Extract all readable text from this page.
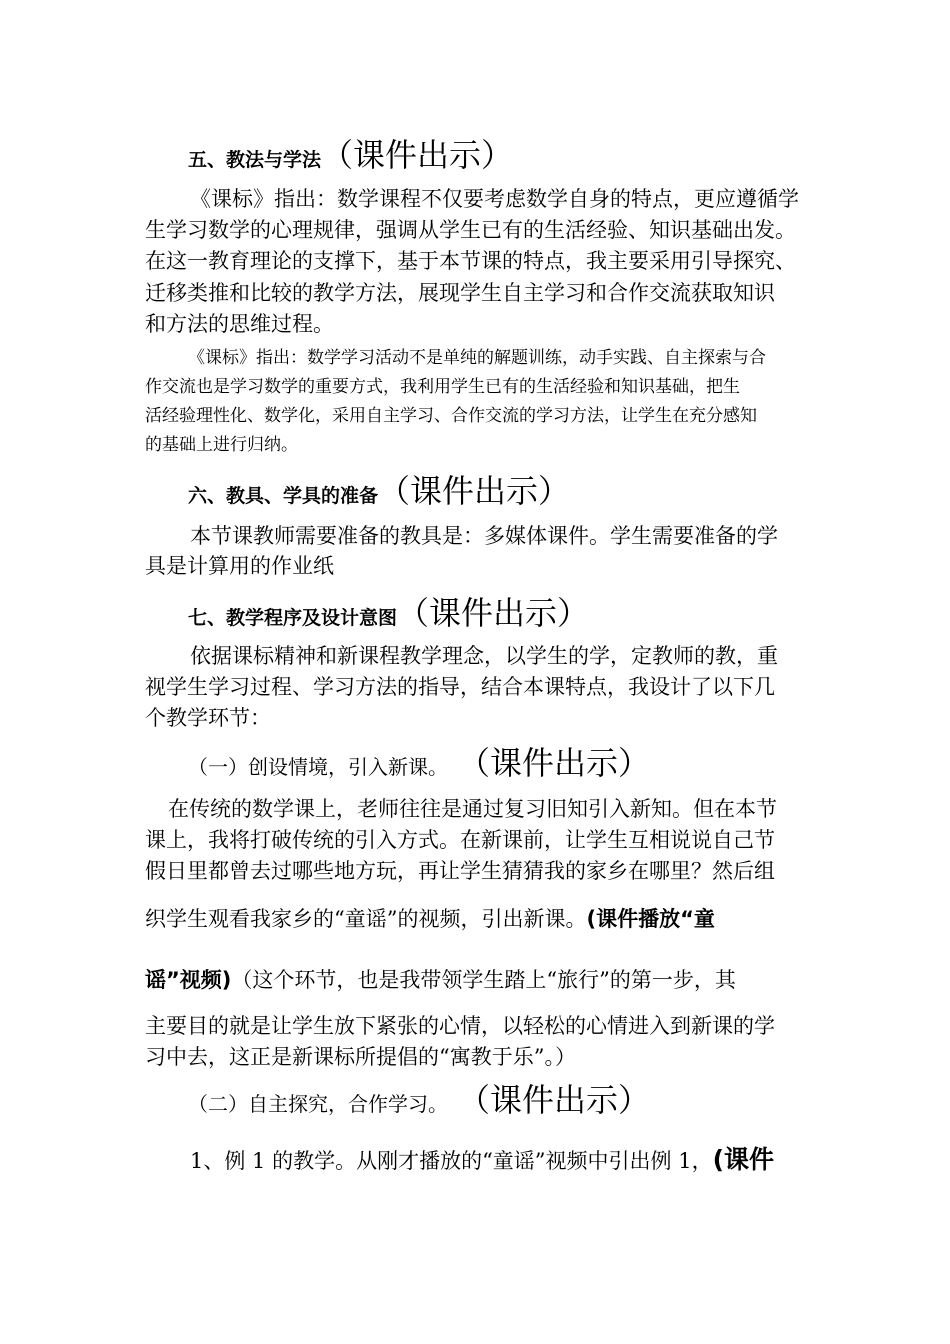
五、教法与学法（课件出示）
《课标》指出：数学课程不仅要考虑数学自身的特点，更应遵循学
生学习数学的心理规律，强调从学生已有的生活经验、知识基础出发。
在这一教育理论的支撑下，基于本节课的特点，我主要采用引导探究、
迁移类推和比较的教学方法，展现学生自主学习和合作交流获取知识
和方法的思维过程。
《课标》指出：数学学习活动不是单纯的解题训练，动手实践、自主探索与合
作交流也是学习数学的重要方式，我利用学生已有的生活经验和知识基础，把生
活经验理性化、数学化，采用自主学习、合作交流的学习方法，让学生在充分感知
的基础上进行归纳。
六、教具、学具的准备（课件出示）
本节课教师需要准备的教具是：多媒体课件。学生需要准备的学
具是计算用的作业纸
七、教学程序及设计意图（课件出示）
依据课标精神和新课程教学理念，以学生的学，定教师的教，重
视学生学习过程、学习方法的指导，结合本课特点，我设计了以下几
个教学环节：
（一）创设情境，引入新课。 （课件出示）
在传统的数学课上，老师往往是通过复习旧知引入新知。但在本节
课上，我将打破传统的引入方式。在新课前，让学生互相说说自己节
假日里都曾去过哪些地方玩，再让学生猜猜我的家乡在哪里？然后组
织学生观看我家乡的“童谣”的视频，引出新课。(课件播放“童
谣”视频)（这个环节，也是我带领学生踏上“旅行”的第一步，其
主要目的就是让学生放下紧张的心情，以轻松的心情进入到新课的学
习中去，这正是新课标所提倡的“寓教于乐”。）
（二）自主探究，合作学习。 （课件出示）
1、例 1 的教学。从刚才播放的“童谣”视频中引出例 1，(课件
